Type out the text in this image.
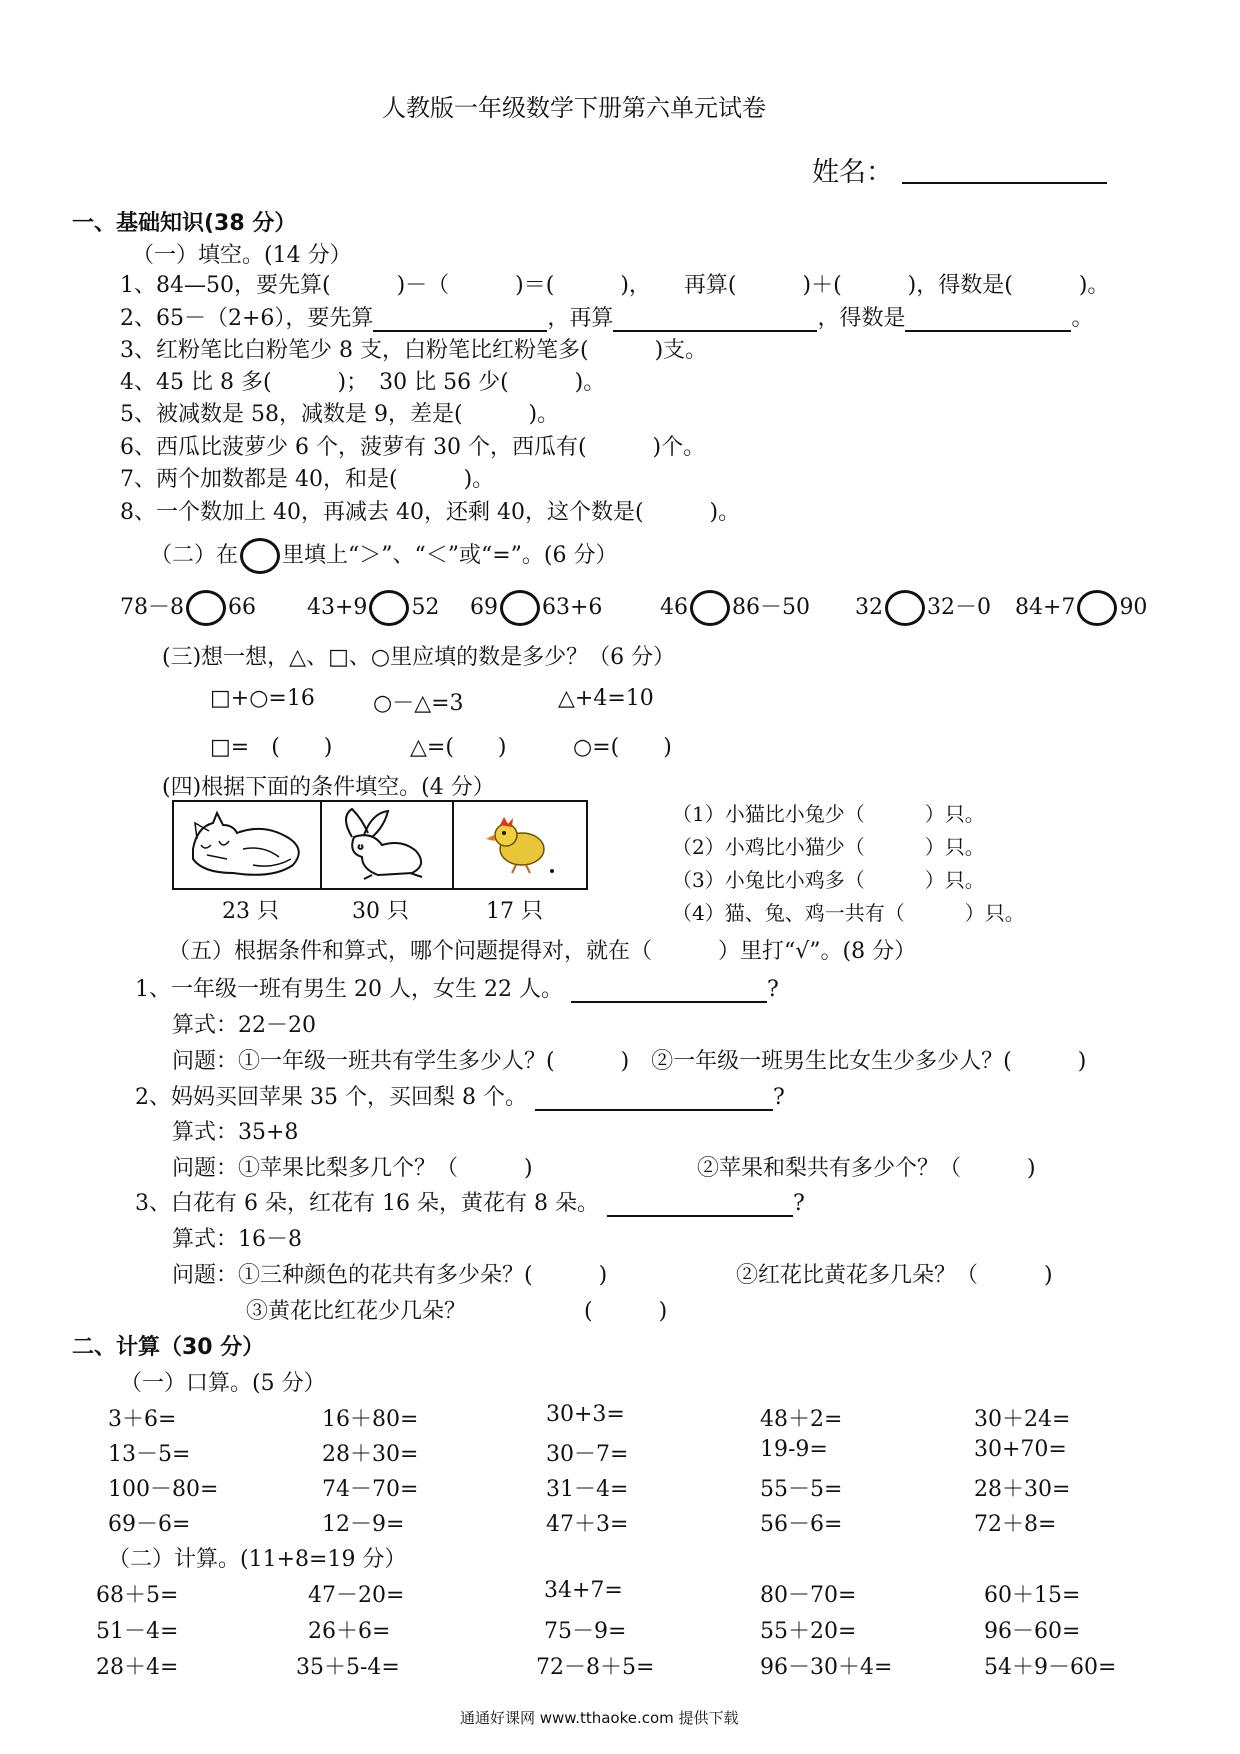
人教版一年级数学下册第六单元试卷
姓名：
一、基础知识(38 分）
（一）填空。(14 分）
1、84—50，要先算(　　　)－（　　　)＝(　　　)，　　再算(　　　)＋(　　　)，得数是(　　　)。
2、65－（2+6），要先算	，再算	，得数是	。
3、红粉笔比白粉笔少 8 支，白粉笔比红粉笔多(　　　)支。
4、45 比 8 多(　　　)；　30 比 56 少(　　　)。
5、被减数是 58，减数是 9，差是(　　　)。
6、西瓜比菠萝少 6 个，菠萝有 30 个，西瓜有(　　　)个。
7、两个加数都是 40，和是(　　　)。
8、一个数加上 40，再减去 40，还剩 40，这个数是(　　　)。
（二）在 里填上“＞”、“＜”或“=”。(6 分）
78－8 66 43+9 52 69 63+6	46 86－50 32 32－0 84+7 90
(三)想一想，△、□、○里应填的数是多少？（6 分）
□+○=16	○－△=3	△+4=10
□=　(　　)	△=(　　)	○=(　　)
(四)根据下面的条件填空。(4 分）
23 只	30 只	17 只
（1）小猫比小兔少（　　　）只。
（2）小鸡比小猫少（　　　）只。
（3）小兔比小鸡多（　　　）只。
（4）猫、兔、鸡一共有（　　　）只。
（五）根据条件和算式，哪个问题提得对，就在（　　　）里打“√”。(8 分）
1、一年级一班有男生 20 人，女生 22 人。	?
算式：22－20
问题：①一年级一班共有学生多少人？(　　　)　②一年级一班男生比女生少多少人？(　　　)
2、妈妈买回苹果 35 个，买回梨 8 个。	?
算式：35+8
问题：①苹果比梨多几个？（　　　)	②苹果和梨共有多少个？（　　　)
3、白花有 6 朵，红花有 16 朵，黄花有 8 朵。	?
算式：16－8
问题：①三种颜色的花共有多少朵？(　　　)	②红花比黄花多几朵？（　　　)
③黄花比红花少几朵？	(　　　)
二、计算（30 分）
（一）口算。(5 分）
3＋6=	16＋80=	30+3=	48＋2=	30＋24=
13－5=	28＋30=	30－7=	19-9=	30+70=
100－80=	74－70=	31－4=	55－5=	28＋30=
69－6=	12－9=	47＋3=	56－6=	72＋8=
（二）计算。(11+8=19 分）
68＋5=	47－20=	34+7=	80－70=	60＋15=
51－4=	26＋6=	75－9=	55＋20=	96－60=
28＋4=	35＋5-4=	72－8＋5=	96－30＋4=	54＋9－60=
通通好课网 www.tthaoke.com 提供下载
